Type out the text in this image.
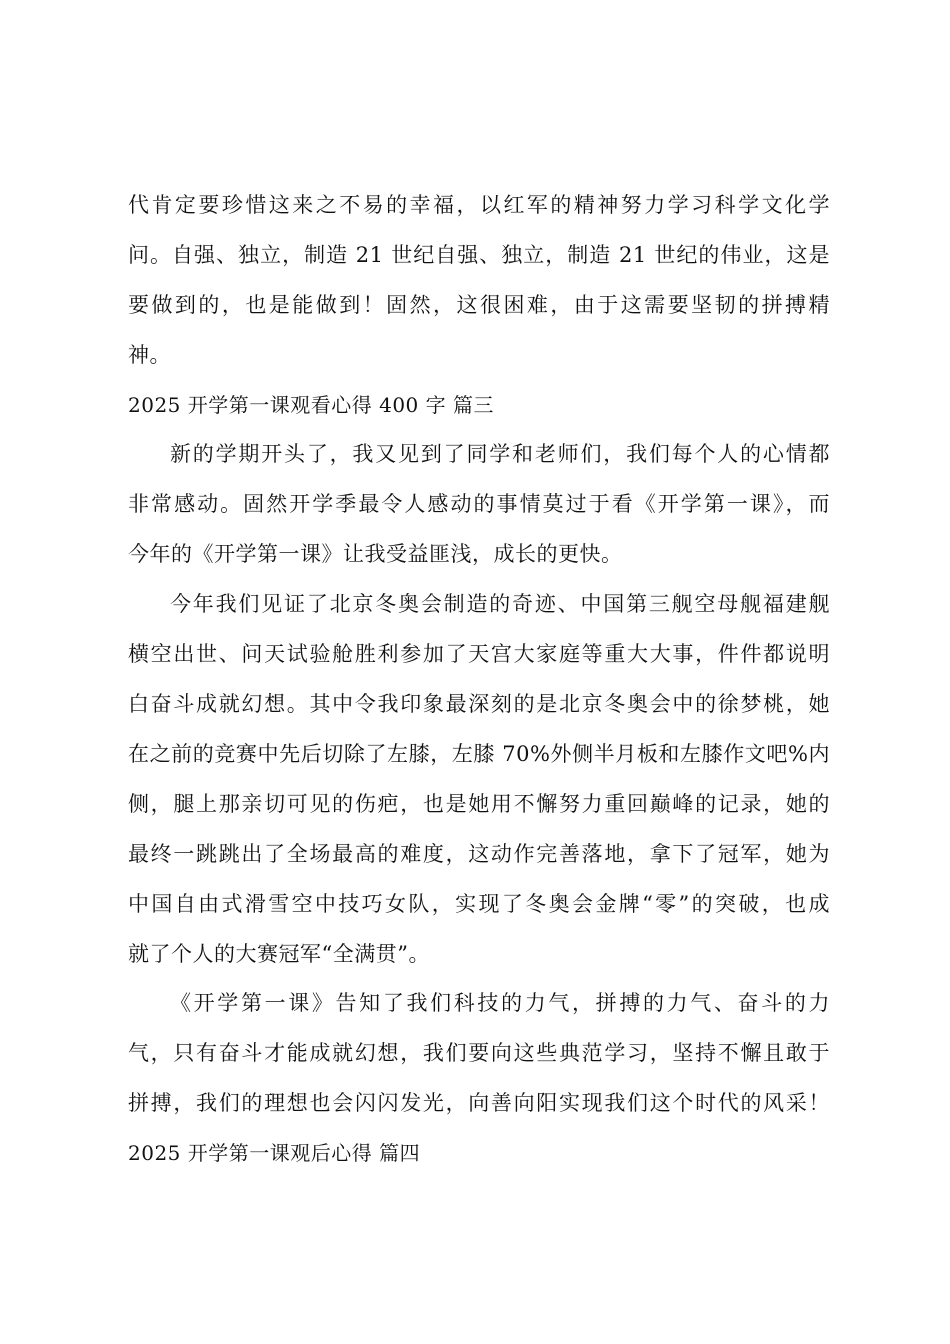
代肯定要珍惜这来之不易的幸福，以红军的精神努力学习科学文化学
问。自强、独立，制造 21 世纪自强、独立，制造 21 世纪的伟业，这是
要做到的，也是能做到！固然，这很困难，由于这需要坚韧的拼搏精
神。
2025 开学第一课观看心得 400 字 篇三
新的学期开头了，我又见到了同学和老师们，我们每个人的心情都
非常感动。固然开学季最令人感动的事情莫过于看《开学第一课》，而
今年的《开学第一课》让我受益匪浅，成长的更快。
今年我们见证了北京冬奥会制造的奇迹、中国第三舰空母舰福建舰
横空出世、问天试验舱胜利参加了天宫大家庭等重大大事，件件都说明
白奋斗成就幻想。其中令我印象最深刻的是北京冬奥会中的徐梦桃，她
在之前的竞赛中先后切除了左膝，左膝 70%外侧半月板和左膝作文吧%内
侧，腿上那亲切可见的伤疤，也是她用不懈努力重回巅峰的记录，她的
最终一跳跳出了全场最高的难度，这动作完善落地，拿下了冠军，她为
中国自由式滑雪空中技巧女队，实现了冬奥会金牌“零”的突破，也成
就了个人的大赛冠军“全满贯”。
《开学第一课》告知了我们科技的力气，拼搏的力气、奋斗的力
气，只有奋斗才能成就幻想，我们要向这些典范学习，坚持不懈且敢于
拼搏，我们的理想也会闪闪发光，向善向阳实现我们这个时代的风采！
2025 开学第一课观后心得 篇四
